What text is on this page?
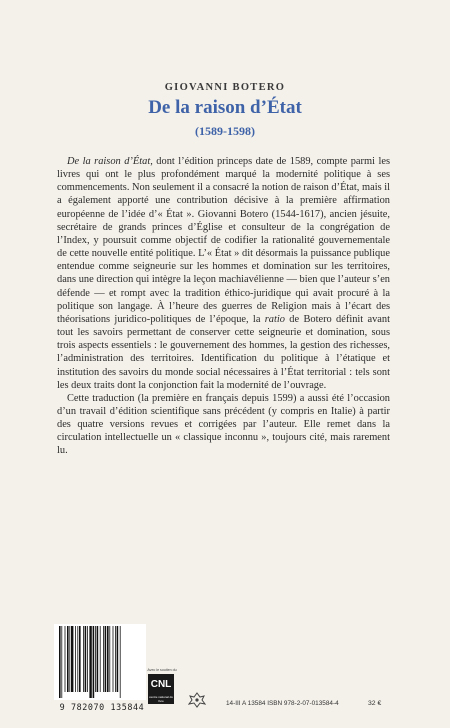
GIOVANNI BOTERO
De la raison d’État
(1589-1598)

De la raison d’État, dont l’édition princeps date de 1589, compte parmi les livres qui ont le plus profondément marqué la modernité politique à ses commencements. Non seulement il a consacré la notion de raison d’État, mais il a également apporté une contribution décisive à la première affirmation européenne de l’idée d’« État ». Giovanni Botero (1544-1617), ancien jésuite, secrétaire de grands princes d’Église et consulteur de la congrégation de l’Index, y poursuit comme objectif de codifier la rationalité gouvernementale de cette nouvelle entité politique. L’« État » dit désormais la puissance publique entendue comme seigneurie sur les hommes et domination sur les territoires, dans une direction qui intègre la leçon machiavélienne — bien que l’auteur s’en défende — et rompt avec la tradition éthico-juridique qui avait procuré à la politique son langage. À l’heure des guerres de Religion mais à l’écart des théorisations juridico-politiques de l’époque, la ratio de Botero définit avant tout les savoirs permettant de conserver cette seigneurie et domination, sous trois aspects essentiels : le gouvernement des hommes, la gestion des richesses, l’administration des territoires. Identification du politique à l’étatique et institution des savoirs du monde social nécessaires à l’État territorial : tels sont les deux traits dont la conjonction fait la modernité de l’ouvrage.

Cette traduction (la première en français depuis 1599) a aussi été l’occasion d’un travail d’édition scientifique sans précédent (y compris en Italie) à partir des quatre versions revues et corrigées par l’auteur. Elle remet dans la circulation intellectuelle un « classique inconnu », toujours cité, mais rarement lu.

9 782070 135844
Avec le soutien du
CNL
centre national du livre	14-III A 13584 ISBN 978-2-07-013584-4	32 €
